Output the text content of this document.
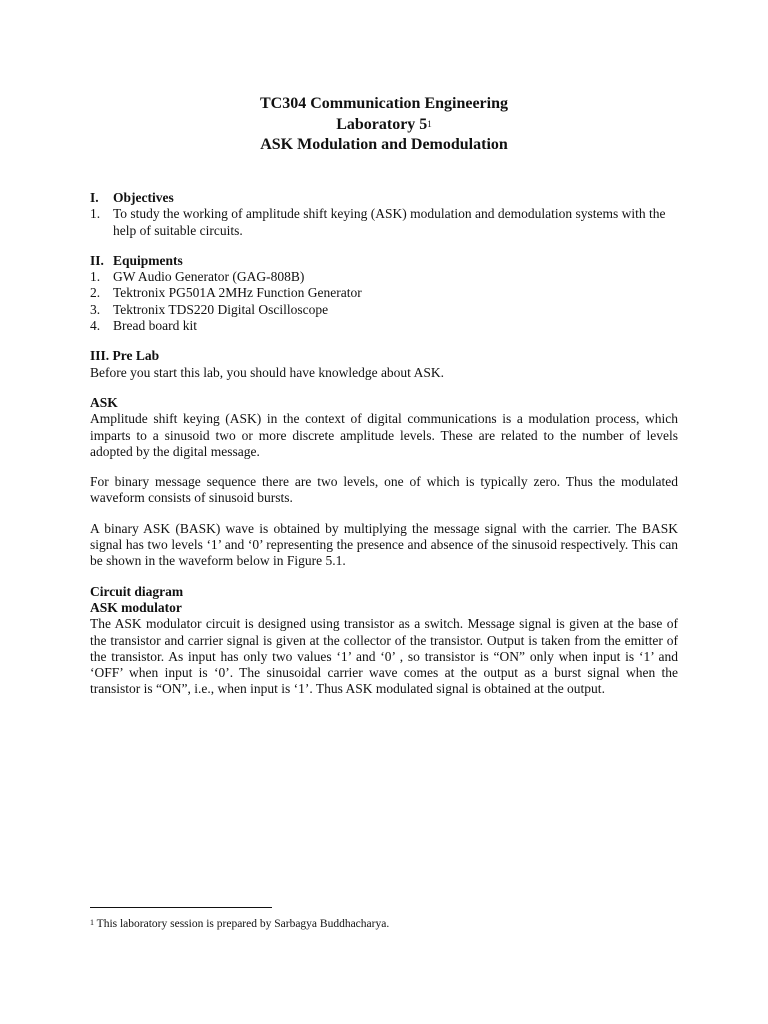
TC304 Communication Engineering
Laboratory $5^1$
ASK Modulation and Demodulation
I. Objectives
1. To study the working of amplitude shift keying (ASK) modulation and demodulation systems with the help of suitable circuits.
II. Equipments
1. GW Audio Generator (GAG-808B)
2. Tektronix PG501A 2MHz Function Generator
3. Tektronix TDS220 Digital Oscilloscope
4. Bread board kit
III. Pre Lab
Before you start this lab, you should have knowledge about ASK.
ASK
Amplitude shift keying (ASK) in the context of digital communications is a modulation process, which imparts to a sinusoid two or more discrete amplitude levels. These are related to the number of levels adopted by the digital message.
For binary message sequence there are two levels, one of which is typically zero. Thus the modulated waveform consists of sinusoid bursts.
A binary ASK (BASK) wave is obtained by multiplying the message signal with the carrier. The BASK signal has two levels ‘1’ and ‘0’ representing the presence and absence of the sinusoid respectively. This can be shown in the waveform below in Figure 5.1.
Circuit diagram
ASK modulator
The ASK modulator circuit is designed using transistor as a switch. Message signal is given at the base of the transistor and carrier signal is given at the collector of the transistor. Output is taken from the emitter of the transistor. As input has only two values ‘1’ and ‘0’ , so transistor is “ON” only when input is ‘1’ and ‘OFF’ when input is ‘0’. The sinusoidal carrier wave comes at the output as a burst signal when the transistor is “ON”, i.e., when input is ‘1’. Thus ASK modulated signal is obtained at the output.
$^1$ This laboratory session is prepared by Sarbagya Buddhacharya.
